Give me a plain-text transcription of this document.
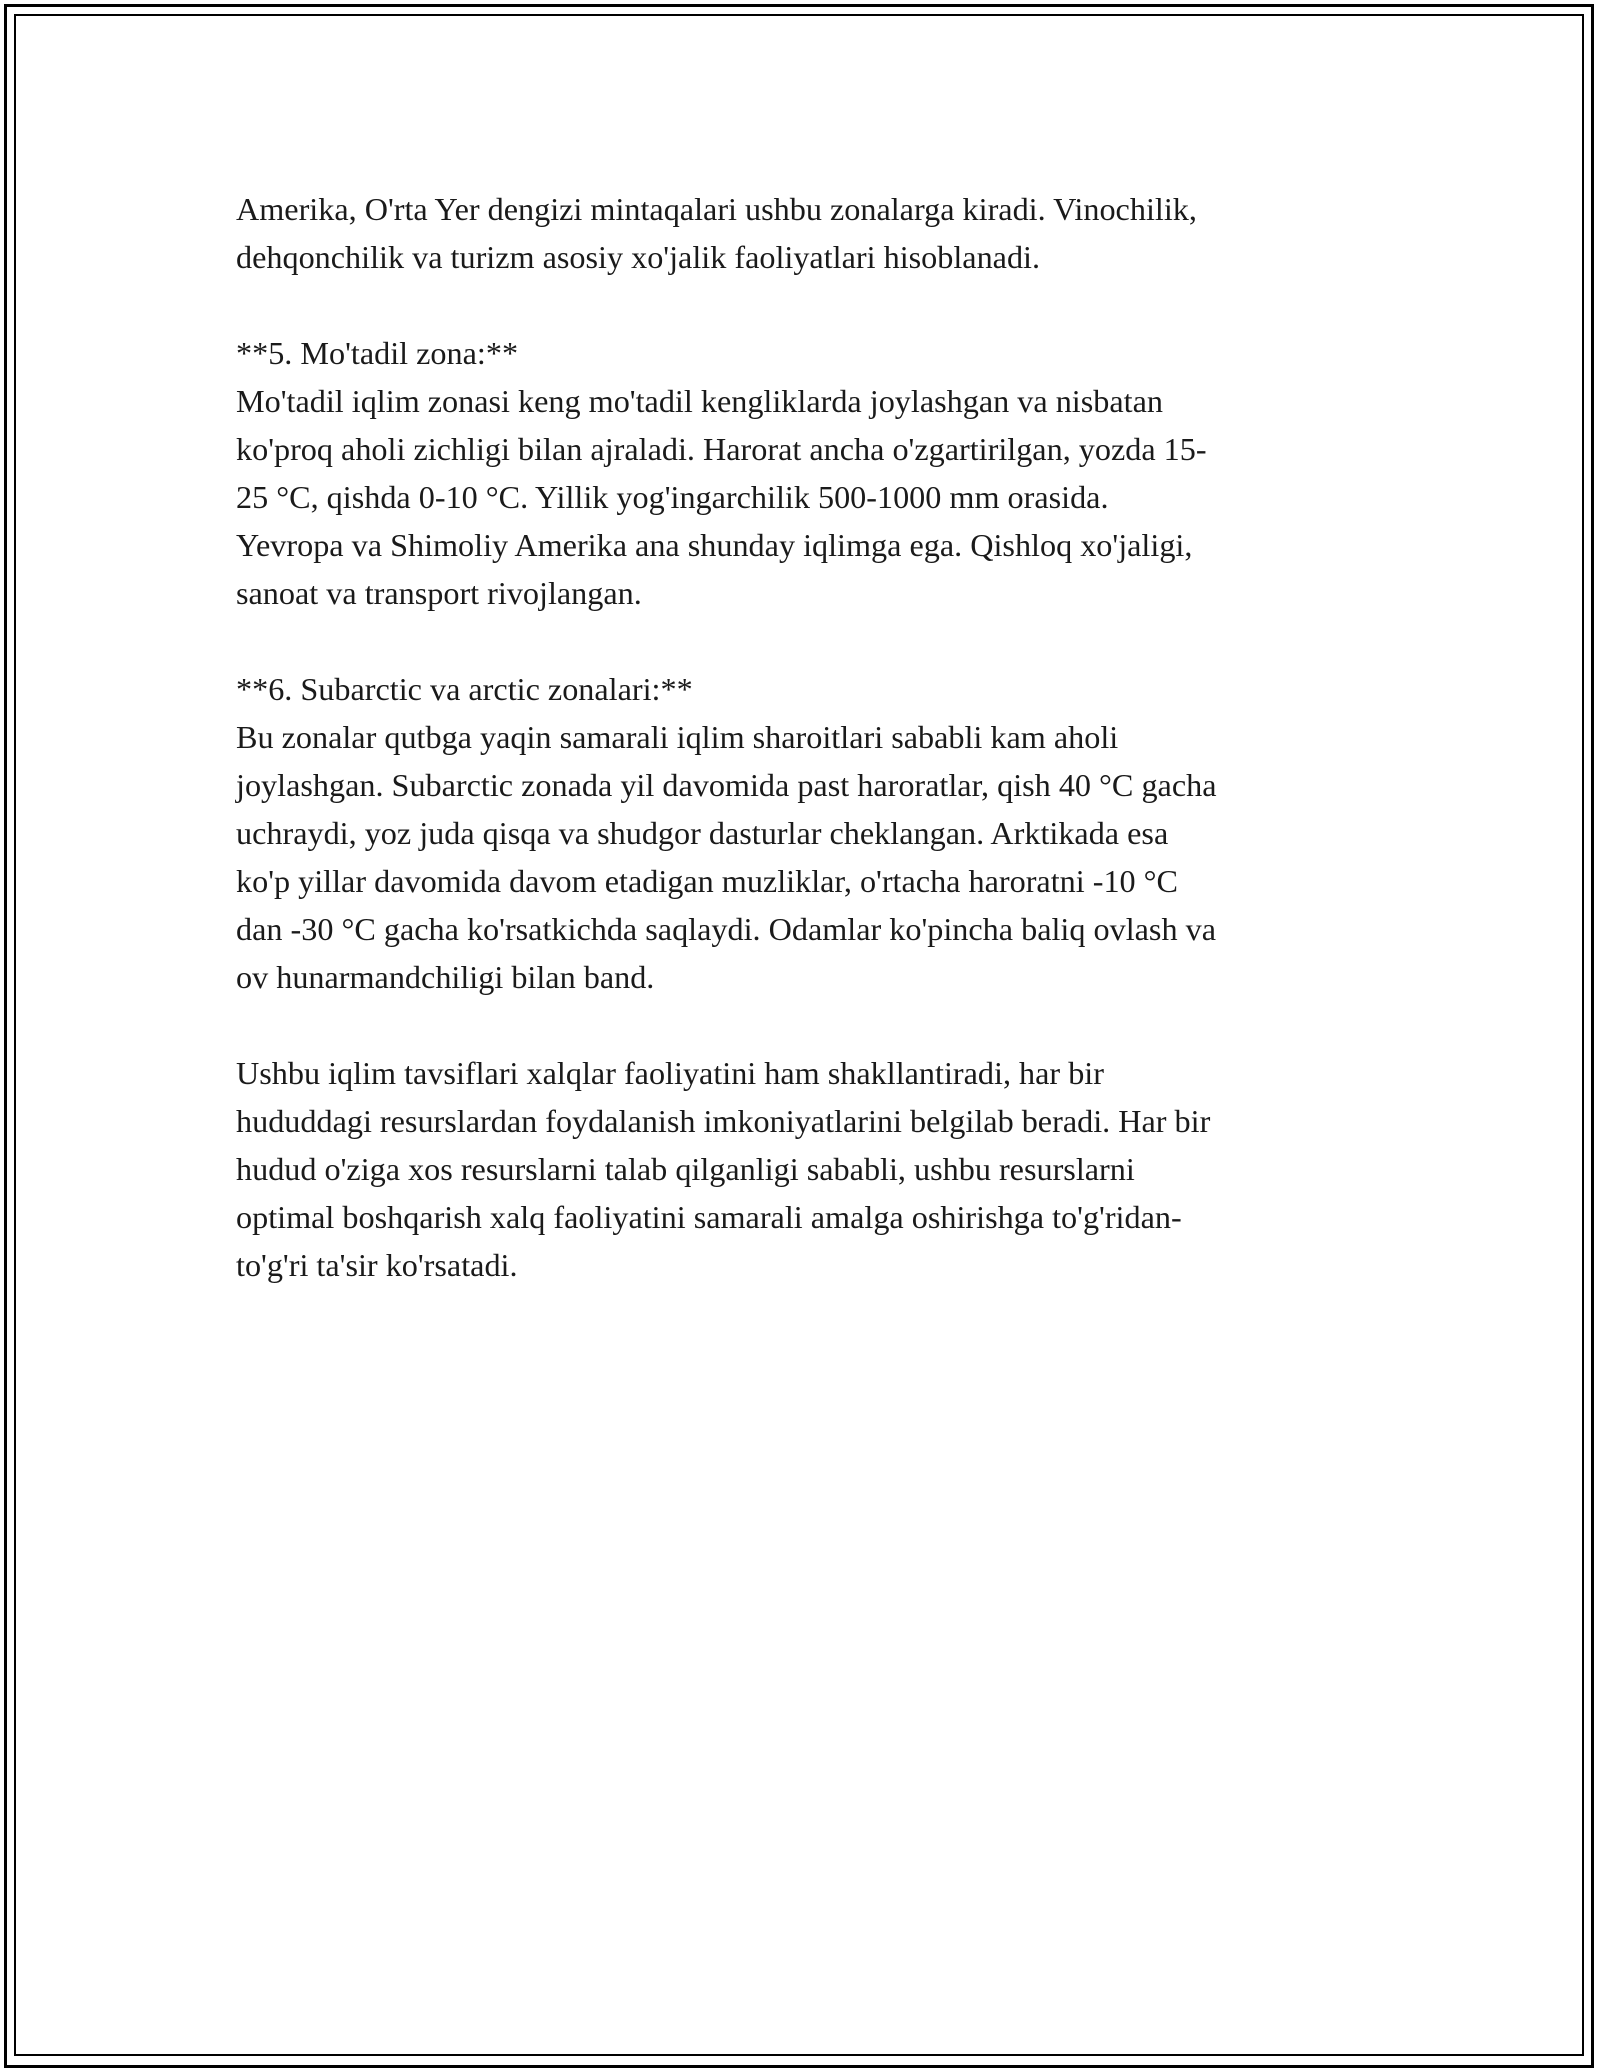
Amerika, O'rta Yer dengizi mintaqalari ushbu zonalarga kiradi. Vinochilik,
dehqonchilik va turizm asosiy xo'jalik faoliyatlari hisoblanadi.
**5. Mo'tadil zona:**
Mo'tadil iqlim zonasi keng mo'tadil kengliklarda joylashgan va nisbatan
ko'proq aholi zichligi bilan ajraladi. Harorat ancha o'zgartirilgan, yozda 15-
25 °C, qishda 0-10 °C. Yillik yog'ingarchilik 500-1000 mm orasida.
Yevropa va Shimoliy Amerika ana shunday iqlimga ega. Qishloq xo'jaligi,
sanoat va transport rivojlangan.
**6. Subarctic va arctic zonalari:**
Bu zonalar qutbga yaqin samarali iqlim sharoitlari sababli kam aholi
joylashgan. Subarctic zonada yil davomida past haroratlar, qish 40 °C gacha
uchraydi, yoz juda qisqa va shudgor dasturlar cheklangan. Arktikada esa
ko'p yillar davomida davom etadigan muzliklar, o'rtacha haroratni -10 °C
dan -30 °C gacha ko'rsatkichda saqlaydi. Odamlar ko'pincha baliq ovlash va
ov hunarmandchiligi bilan band.
Ushbu iqlim tavsiflari xalqlar faoliyatini ham shakllantiradi, har bir
hududdagi resurslardan foydalanish imkoniyatlarini belgilab beradi. Har bir
hudud o'ziga xos resurslarni talab qilganligi sababli, ushbu resurslarni
optimal boshqarish xalq faoliyatini samarali amalga oshirishga to'g'ridan-
to'g'ri ta'sir ko'rsatadi.
